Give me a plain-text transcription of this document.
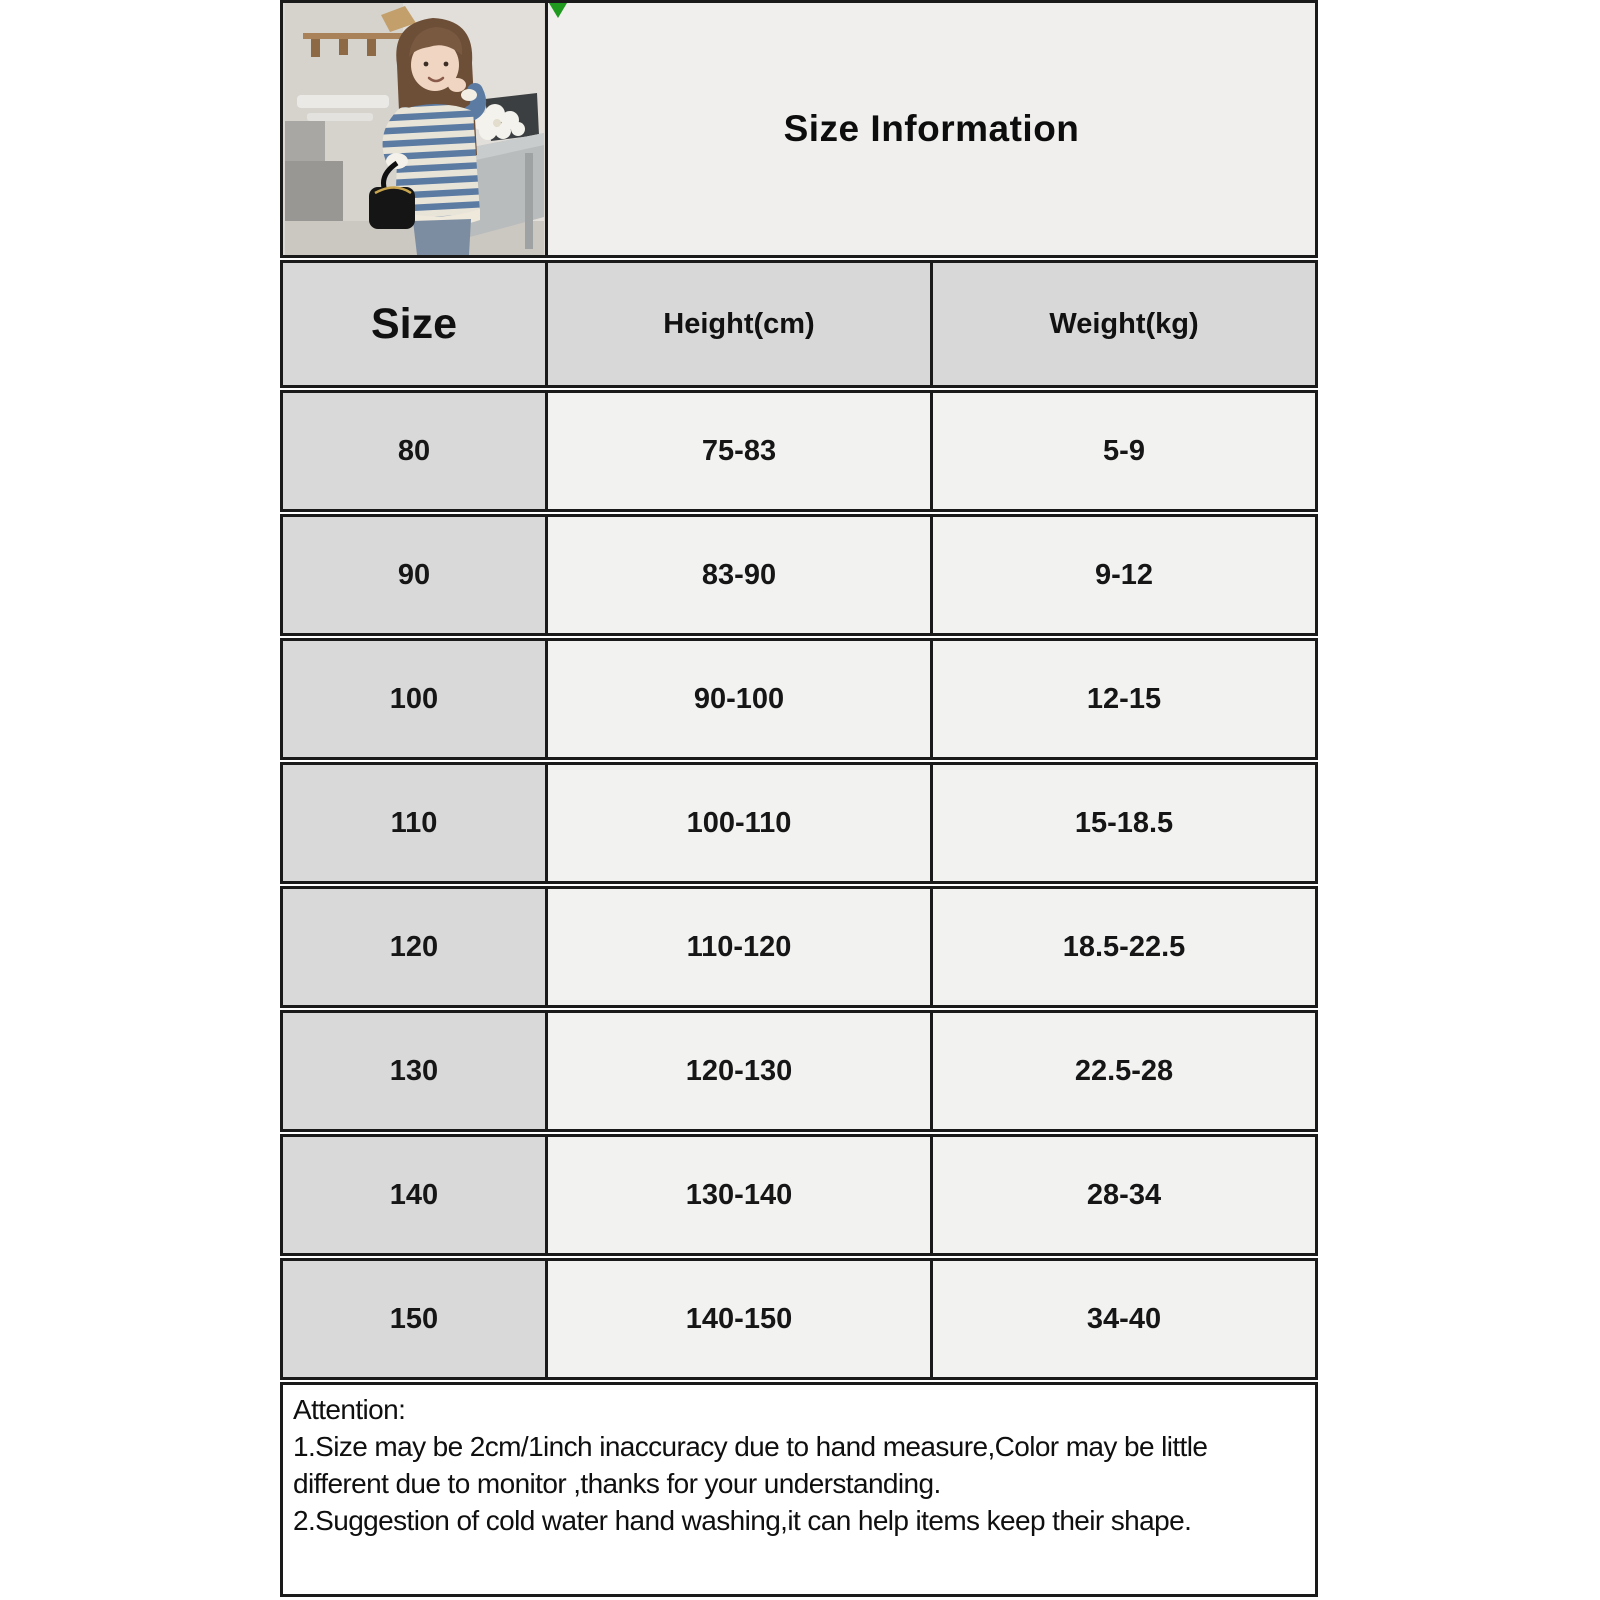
Size Information
Size	Height(cm)	Weight(kg)
80	75-83	5-9
90	83-90	9-12
100	90-100	12-15
110	100-110	15-18.5
120	110-120	18.5-22.5
130	120-130	22.5-28
140	130-140	28-34
150	140-150	34-40
Attention:
1.Size may be 2cm/1inch inaccuracy due to hand measure,Color may be little
different due to monitor ,thanks for your understanding.
2.Suggestion of cold water hand washing,it can help items keep their shape.
